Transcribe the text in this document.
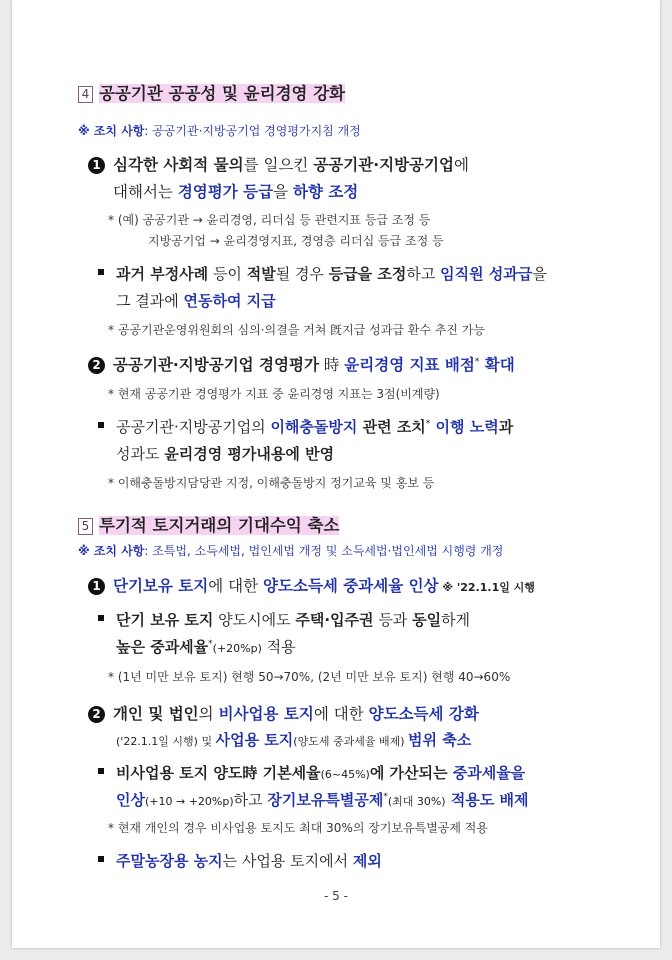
4 공공기관 공공성 및 윤리경영 강화
※ 조치 사항: 공공기관·지방공기업 경영평가지침 개정
1 심각한 사회적 물의를 일으킨 공공기관·지방공기업에
대해서는 경영평가 등급을 하향 조정
* (예) 공공기관 → 윤리경영, 리더십 등 관련지표 등급 조정 등
지방공기업 → 윤리경영지표, 경영층 리더십 등급 조정 등
과거 부정사례 등이 적발될 경우 등급을 조정하고 임직원 성과급을
그 결과에 연동하여 지급
* 공공기관운영위원회의 심의·의결을 거쳐 旣지급 성과급 환수 추진 가능
2 공공기관·지방공기업 경영평가 時 윤리경영 지표 배점* 확대
* 현재 공공기관 경영평가 지표 중 윤리경영 지표는 3점(비계량)
공공기관·지방공기업의 이해충돌방지 관련 조치* 이행 노력과
성과도 윤리경영 평가내용에 반영
* 이해충돌방지담당관 지정, 이해충돌방지 정기교육 및 홍보 등
5 투기적 토지거래의 기대수익 축소
※ 조치 사항: 조특법, 소득세법, 법인세법 개정 및 소득세법·법인세법 시행령 개정
1 단기보유 토지에 대한 양도소득세 중과세율 인상 ※ '22.1.1일 시행
단기 보유 토지 양도시에도 주택·입주권 등과 동일하게
높은 중과세율*(+20%p) 적용
* (1년 미만 보유 토지) 현행 50→70%, (2년 미만 보유 토지) 현행 40→60%
2 개인 및 법인의 비사업용 토지에 대한 양도소득세 강화
('22.1.1일 시행) 및 사업용 토지(양도세 중과세율 배제) 범위 축소
비사업용 토지 양도時 기본세율(6~45%)에 가산되는 중과세율을
인상(+10 → +20%p)하고 장기보유특별공제*(최대 30%) 적용도 배제
* 현재 개인의 경우 비사업용 토지도 최대 30%의 장기보유특별공제 적용
주말농장용 농지는 사업용 토지에서 제외
- 5 -
